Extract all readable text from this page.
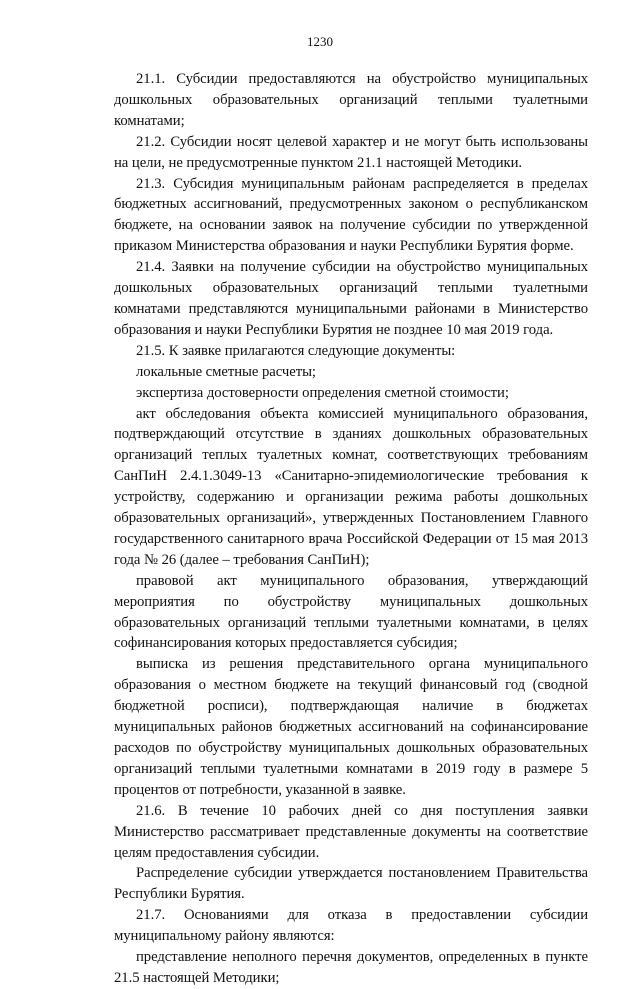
1230

21.1. Субсидии предоставляются на обустройство муниципальных дошкольных образовательных организаций теплыми туалетными комнатами;

21.2. Субсидии носят целевой характер и не могут быть использованы на цели, не предусмотренные пунктом 21.1 настоящей Методики.

21.3. Субсидия муниципальным районам распределяется в пределах бюджетных ассигнований, предусмотренных законом о республиканском бюджете, на основании заявок на получение субсидии по утвержденной приказом Министерства образования и науки Республики Бурятия форме.

21.4. Заявки на получение субсидии на обустройство муниципальных дошкольных образовательных организаций теплыми туалетными комнатами представляются муниципальными районами в Министерство образования и науки Республики Бурятия не позднее 10 мая 2019 года.

21.5. К заявке прилагаются следующие документы:

локальные сметные расчеты;

экспертиза достоверности определения сметной стоимости;

акт обследования объекта комиссией муниципального образования, подтверждающий отсутствие в зданиях дошкольных образовательных организаций теплых туалетных комнат, соответствующих требованиям СанПиН 2.4.1.3049-13 «Санитарно-эпидемиологические требования к устройству, содержанию и организации режима работы дошкольных образовательных организаций», утвержденных Постановлением Главного государственного санитарного врача Российской Федерации от 15 мая 2013 года № 26 (далее – требования СанПиН);

правовой акт муниципального образования, утверждающий мероприятия по обустройству муниципальных дошкольных образовательных организаций теплыми туалетными комнатами, в целях софинансирования которых предоставляется субсидия;

выписка из решения представительного органа муниципального образования о местном бюджете на текущий финансовый год (сводной бюджетной росписи), подтверждающая наличие в бюджетах муниципальных районов бюджетных ассигнований на софинансирование расходов по обустройству муниципальных дошкольных образовательных организаций теплыми туалетными комнатами в 2019 году в размере 5 процентов от потребности, указанной в заявке.

21.6. В течение 10 рабочих дней со дня поступления заявки Министерство рассматривает представленные документы на соответствие целям предоставления субсидии.

Распределение субсидии утверждается постановлением Правительства Республики Бурятия.

21.7. Основаниями для отказа в предоставлении субсидии муниципальному району являются:

представление неполного перечня документов, определенных в пункте 21.5 настоящей Методики;
